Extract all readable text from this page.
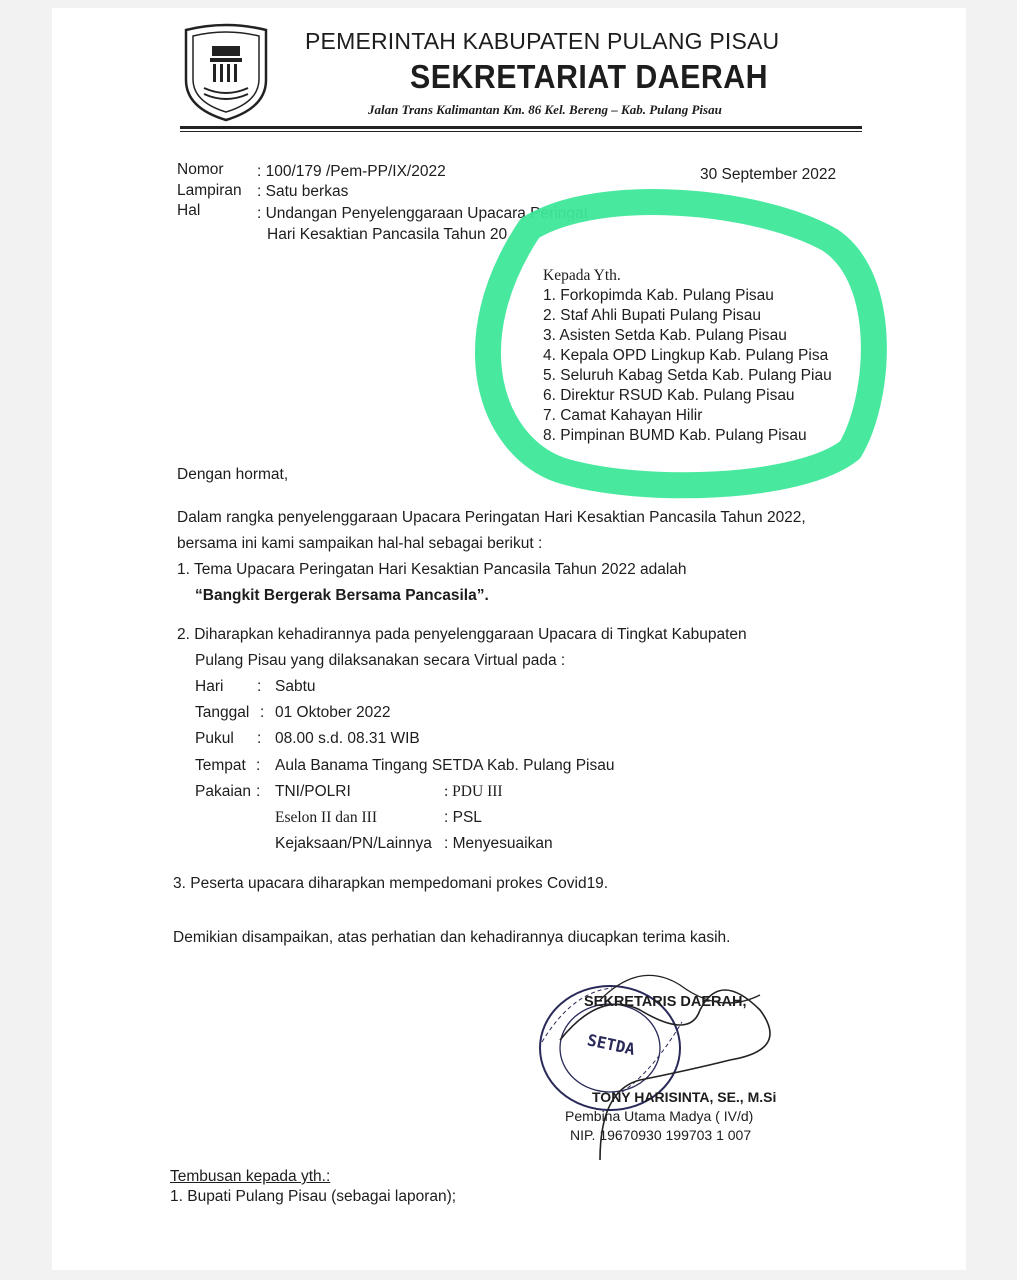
PEMERINTAH KABUPATEN PULANG PISAU
SEKRETARIAT DAERAH
Jalan Trans Kalimantan Km. 86 Kel. Bereng – Kab. Pulang Pisau
Nomor : 100/179 /Pem-PP/IX/2022
Lampiran : Satu berkas
Hal	: Undangan Penyelenggaraan Upacara Peringat
Hari Kesaktian Pancasila Tahun 20
30 September 2022
Kepada Yth.
1. Forkopimda Kab. Pulang Pisau
2. Staf Ahli Bupati Pulang Pisau
3. Asisten Setda Kab. Pulang Pisau
4. Kepala OPD Lingkup Kab. Pulang Pisa
5. Seluruh Kabag Setda Kab. Pulang Piau
6. Direktur RSUD Kab. Pulang Pisau
7. Camat Kahayan Hilir
8. Pimpinan BUMD Kab. Pulang Pisau
Dengan hormat,
Dalam rangka penyelenggaraan Upacara Peringatan Hari Kesaktian Pancasila Tahun 2022,
bersama ini kami sampaikan hal-hal sebagai berikut :
1. Tema Upacara Peringatan Hari Kesaktian Pancasila Tahun 2022 adalah
“Bangkit Bergerak Bersama Pancasila”.
2. Diharapkan kehadirannya pada penyelenggaraan Upacara di Tingkat Kabupaten
Pulang Pisau yang dilaksanakan secara Virtual pada :
Hari : Sabtu
Tanggal : 01 Oktober 2022
Pukul : 08.00 s.d. 08.31 WIB
Tempat : Aula Banama Tingang SETDA Kab. Pulang Pisau
Pakaian : TNI/POLRI	: PDU III
Eselon II dan III	: PSL
Kejaksaan/PN/Lainnya : Menyesuaikan
3. Peserta upacara diharapkan mempedomani prokes Covid19.
Demikian disampaikan, atas perhatian dan kehadirannya diucapkan terima kasih.
SETDA
SEKRETARIS DAERAH,
TONY HARISINTA, SE., M.Si
Pembina Utama Madya ( IV/d)
NIP. 19670930 199703 1 007
Tembusan kepada yth.:
1. Bupati Pulang Pisau (sebagai laporan);
